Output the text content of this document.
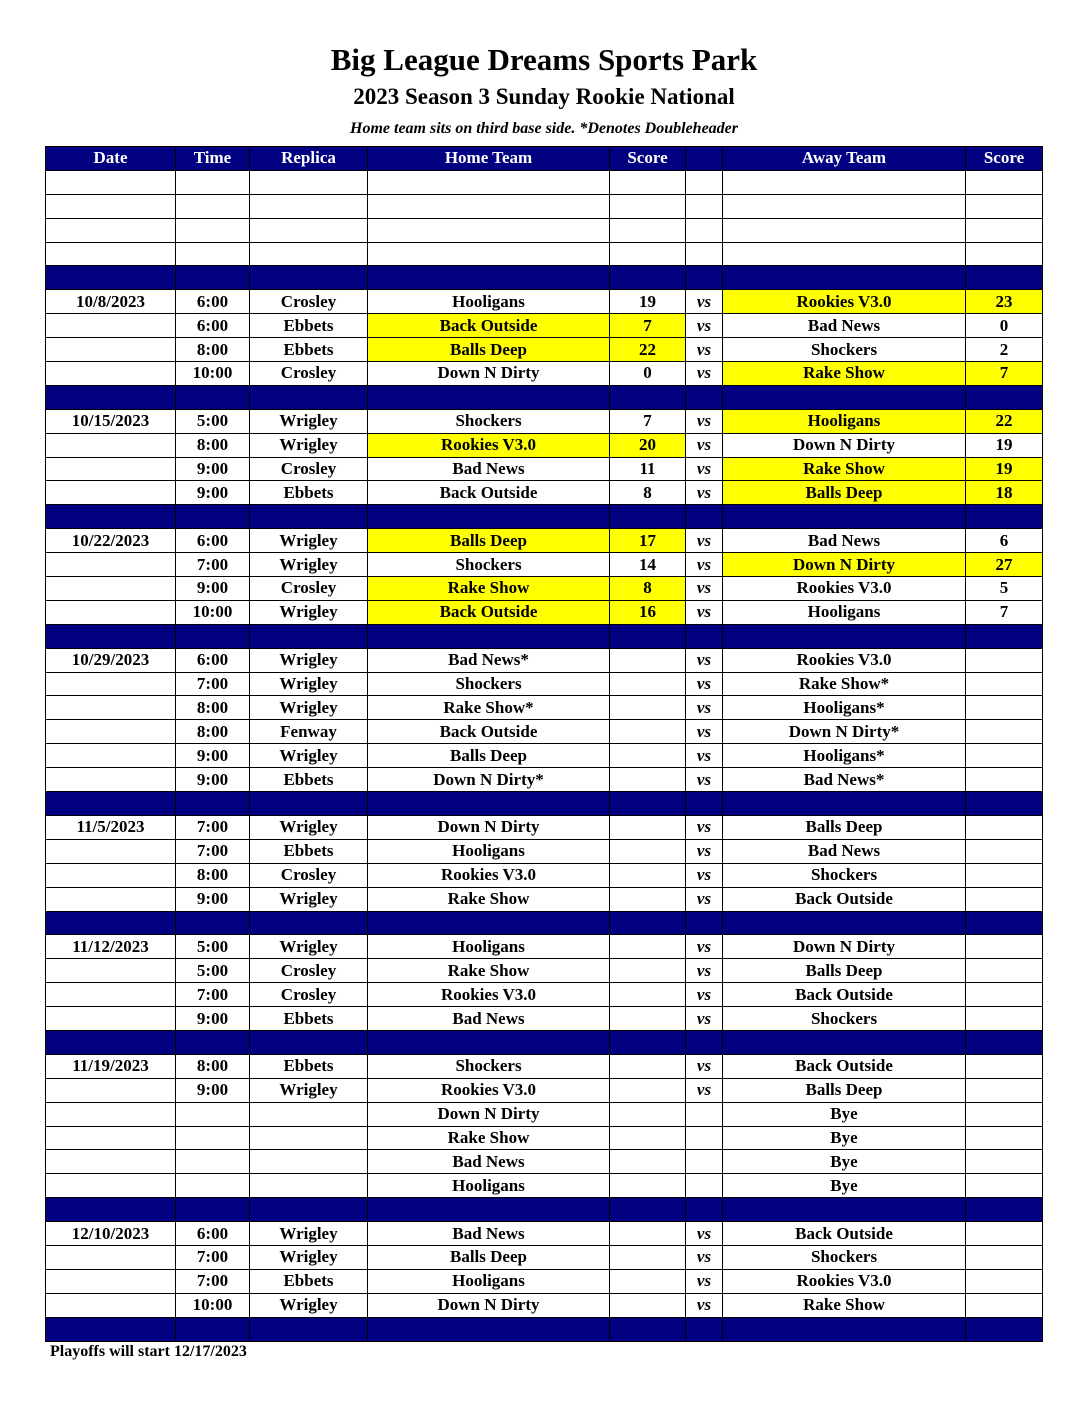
Big League Dreams Sports Park
2023 Season 3 Sunday Rookie National
Home team sits on third base side. *Denotes Doubleheader
Date	Time	Replica	Home Team	Score		Away Team	Score

10/8/2023	6:00	Crosley	Hooligans	19	vs	Rookies V3.0	23
	6:00	Ebbets	Back Outside	7	vs	Bad News	0
	8:00	Ebbets	Balls Deep	22	vs	Shockers	2
	10:00	Crosley	Down N Dirty	0	vs	Rake Show	7

10/15/2023	5:00	Wrigley	Shockers	7	vs	Hooligans	22
	8:00	Wrigley	Rookies V3.0	20	vs	Down N Dirty	19
	9:00	Crosley	Bad News	11	vs	Rake Show	19
	9:00	Ebbets	Back Outside	8	vs	Balls Deep	18

10/22/2023	6:00	Wrigley	Balls Deep	17	vs	Bad News	6
	7:00	Wrigley	Shockers	14	vs	Down N Dirty	27
	9:00	Crosley	Rake Show	8	vs	Rookies V3.0	5
	10:00	Wrigley	Back Outside	16	vs	Hooligans	7

10/29/2023	6:00	Wrigley	Bad News*		vs	Rookies V3.0	
	7:00	Wrigley	Shockers		vs	Rake Show*	
	8:00	Wrigley	Rake Show*		vs	Hooligans*	
	8:00	Fenway	Back Outside		vs	Down N Dirty*	
	9:00	Wrigley	Balls Deep		vs	Hooligans*	
	9:00	Ebbets	Down N Dirty*		vs	Bad News*	

11/5/2023	7:00	Wrigley	Down N Dirty		vs	Balls Deep	
	7:00	Ebbets	Hooligans		vs	Bad News	
	8:00	Crosley	Rookies V3.0		vs	Shockers	
	9:00	Wrigley	Rake Show		vs	Back Outside	

11/12/2023	5:00	Wrigley	Hooligans		vs	Down N Dirty	
	5:00	Crosley	Rake Show		vs	Balls Deep	
	7:00	Crosley	Rookies V3.0		vs	Back Outside	
	9:00	Ebbets	Bad News		vs	Shockers	

11/19/2023	8:00	Ebbets	Shockers		vs	Back Outside	
	9:00	Wrigley	Rookies V3.0		vs	Balls Deep	
			Down N Dirty			Bye	
			Rake Show			Bye	
			Bad News			Bye	
			Hooligans			Bye	

12/10/2023	6:00	Wrigley	Bad News		vs	Back Outside	
	7:00	Wrigley	Balls Deep		vs	Shockers	
	7:00	Ebbets	Hooligans		vs	Rookies V3.0	
	10:00	Wrigley	Down N Dirty		vs	Rake Show	

Playoffs will start 12/17/2023
